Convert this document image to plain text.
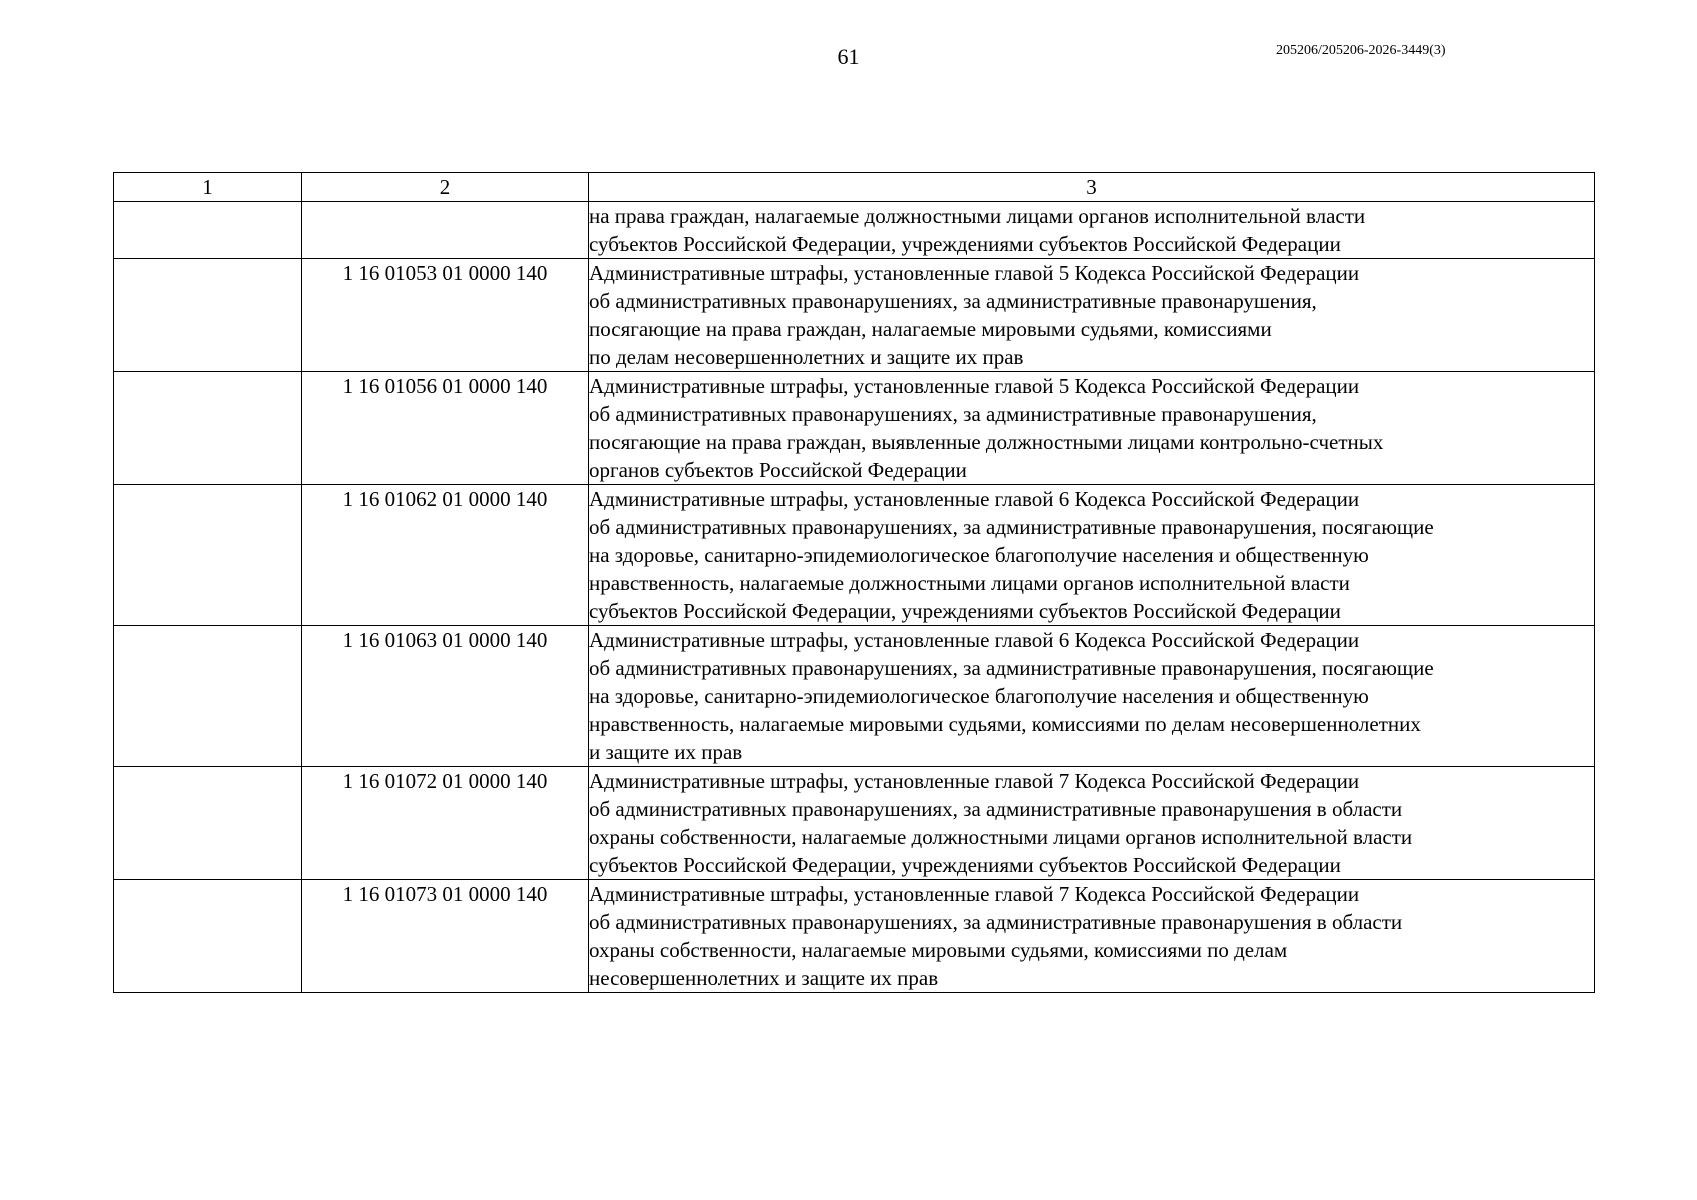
61	205206/205206-2026-3449(3)
1	2	3

		на права граждан, налагаемые должностными лицами органов исполнительной власти
субъектов Российской Федерации, учреждениями субъектов Российской Федерации

	1 16 01053 01 0000 140	Административные штрафы, установленные главой 5 Кодекса Российской Федерации
об административных правонарушениях, за административные правонарушения,
посягающие на права граждан, налагаемые мировыми судьями, комиссиями
по делам несовершеннолетних и защите их прав

	1 16 01056 01 0000 140	Административные штрафы, установленные главой 5 Кодекса Российской Федерации
об административных правонарушениях, за административные правонарушения,
посягающие на права граждан, выявленные должностными лицами контрольно-счетных
органов субъектов Российской Федерации

	1 16 01062 01 0000 140	Административные штрафы, установленные главой 6 Кодекса Российской Федерации
об административных правонарушениях, за административные правонарушения, посягающие
на здоровье, санитарно-эпидемиологическое благополучие населения и общественную
нравственность, налагаемые должностными лицами органов исполнительной власти
субъектов Российской Федерации, учреждениями субъектов Российской Федерации

	1 16 01063 01 0000 140	Административные штрафы, установленные главой 6 Кодекса Российской Федерации
об административных правонарушениях, за административные правонарушения, посягающие
на здоровье, санитарно-эпидемиологическое благополучие населения и общественную
нравственность, налагаемые мировыми судьями, комиссиями по делам несовершеннолетних
и защите их прав

	1 16 01072 01 0000 140	Административные штрафы, установленные главой 7 Кодекса Российской Федерации
об административных правонарушениях, за административные правонарушения в области
охраны собственности, налагаемые должностными лицами органов исполнительной власти
субъектов Российской Федерации, учреждениями субъектов Российской Федерации

	1 16 01073 01 0000 140	Административные штрафы, установленные главой 7 Кодекса Российской Федерации
об административных правонарушениях, за административные правонарушения в области
охраны собственности, налагаемые мировыми судьями, комиссиями по делам
несовершеннолетних и защите их прав
